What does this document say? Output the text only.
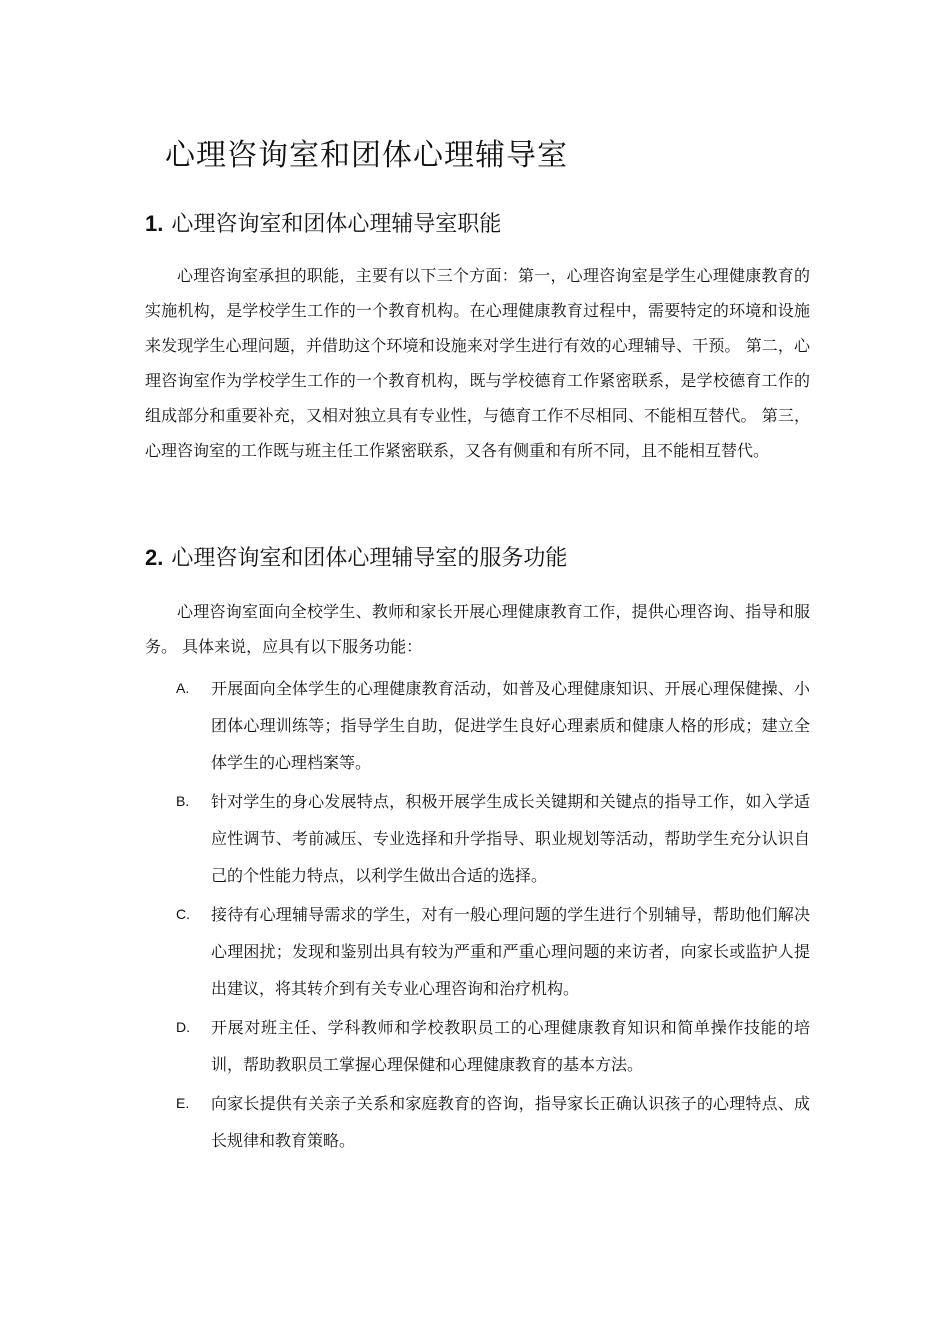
心理咨询室和团体心理辅导室
1. 心理咨询室和团体心理辅导室职能

心理咨询室承担的职能，主要有以下三个方面：第一，心理咨询室是学生心理健康教育的实施机构，是学校学生工作的一个教育机构。在心理健康教育过程中，需要特定的环境和设施来发现学生心理问题，并借助这个环境和设施来对学生进行有效的心理辅导、干预。 第二，心理咨询室作为学校学生工作的一个教育机构，既与学校德育工作紧密联系，是学校德育工作的组成部分和重要补充，又相对独立具有专业性，与德育工作不尽相同、不能相互替代。 第三，心理咨询室的工作既与班主任工作紧密联系，又各有侧重和有所不同，且不能相互替代。

2. 心理咨询室和团体心理辅导室的服务功能

心理咨询室面向全校学生、教师和家长开展心理健康教育工作，提供心理咨询、指导和服务。 具体来说，应具有以下服务功能：

A. 开展面向全体学生的心理健康教育活动，如普及心理健康知识、开展心理保健操、小团体心理训练等；指导学生自助，促进学生良好心理素质和健康人格的形成；建立全体学生的心理档案等。
B. 针对学生的身心发展特点，积极开展学生成长关键期和关键点的指导工作，如入学适应性调节、考前减压、专业选择和升学指导、职业规划等活动，帮助学生充分认识自己的个性能力特点，以利学生做出合适的选择。
C. 接待有心理辅导需求的学生，对有一般心理问题的学生进行个别辅导，帮助他们解决心理困扰；发现和鉴别出具有较为严重和严重心理问题的来访者，向家长或监护人提出建议，将其转介到有关专业心理咨询和治疗机构。
D. 开展对班主任、学科教师和学校教职员工的心理健康教育知识和简单操作技能的培训，帮助教职员工掌握心理保健和心理健康教育的基本方法。
E. 向家长提供有关亲子关系和家庭教育的咨询，指导家长正确认识孩子的心理特点、成长规律和教育策略。
